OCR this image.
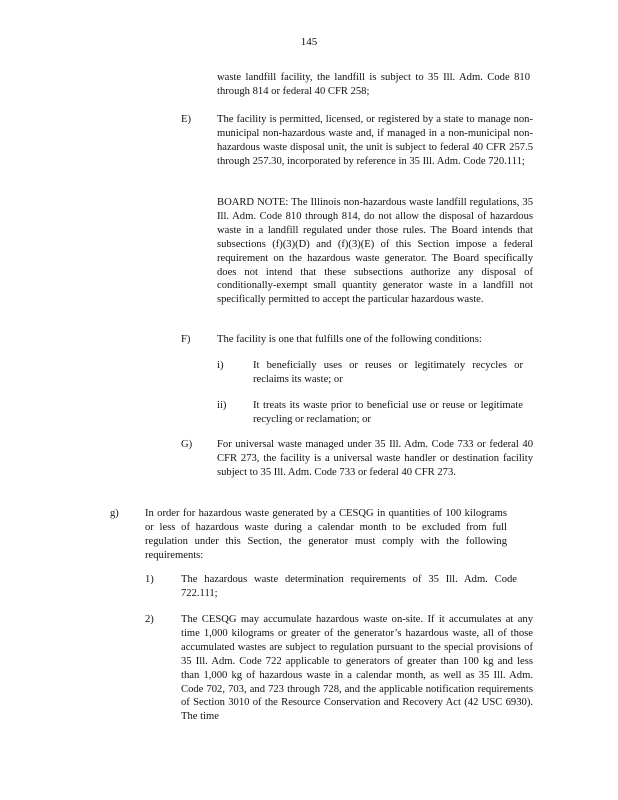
145

waste landfill facility, the landfill is subject to 35 Ill. Adm. Code 810 through 814 or federal 40 CFR 258;

E) The facility is permitted, licensed, or registered by a state to manage non-municipal non-hazardous waste and, if managed in a non-municipal non-hazardous waste disposal unit, the unit is subject to federal 40 CFR 257.5 through 257.30, incorporated by reference in 35 Ill. Adm. Code 720.111;

BOARD NOTE: The Illinois non-hazardous waste landfill regulations, 35 Ill. Adm. Code 810 through 814, do not allow the disposal of hazardous waste in a landfill regulated under those rules. The Board intends that subsections (f)(3)(D) and (f)(3)(E) of this Section impose a federal requirement on the hazardous waste generator. The Board specifically does not intend that these subsections authorize any disposal of conditionally-exempt small quantity generator waste in a landfill not specifically permitted to accept the particular hazardous waste.

F)	The facility is one that fulfills one of the following conditions:

i)	It beneficially uses or reuses or legitimately recycles or reclaims its waste; or

ii)	It treats its waste prior to beneficial use or reuse or legitimate recycling or reclamation; or

G) For universal waste managed under 35 Ill. Adm. Code 733 or federal 40 CFR 273, the facility is a universal waste handler or destination facility subject to 35 Ill. Adm. Code 733 or federal 40 CFR 273.

g) In order for hazardous waste generated by a CESQG in quantities of 100 kilograms or less of hazardous waste during a calendar month to be excluded from full regulation under this Section, the generator must comply with the following requirements:

1)	The hazardous waste determination requirements of 35 Ill. Adm. Code 722.111;

2)	The CESQG may accumulate hazardous waste on-site. If it accumulates at any time 1,000 kilograms or greater of the generator’s hazardous waste, all of those accumulated wastes are subject to regulation pursuant to the special provisions of 35 Ill. Adm. Code 722 applicable to generators of greater than 100 kg and less than 1,000 kg of hazardous waste in a calendar month, as well as 35 Ill. Adm. Code 702, 703, and 723 through 728, and the applicable notification requirements of Section 3010 of the Resource Conservation and Recovery Act (42 USC 6930). The time
